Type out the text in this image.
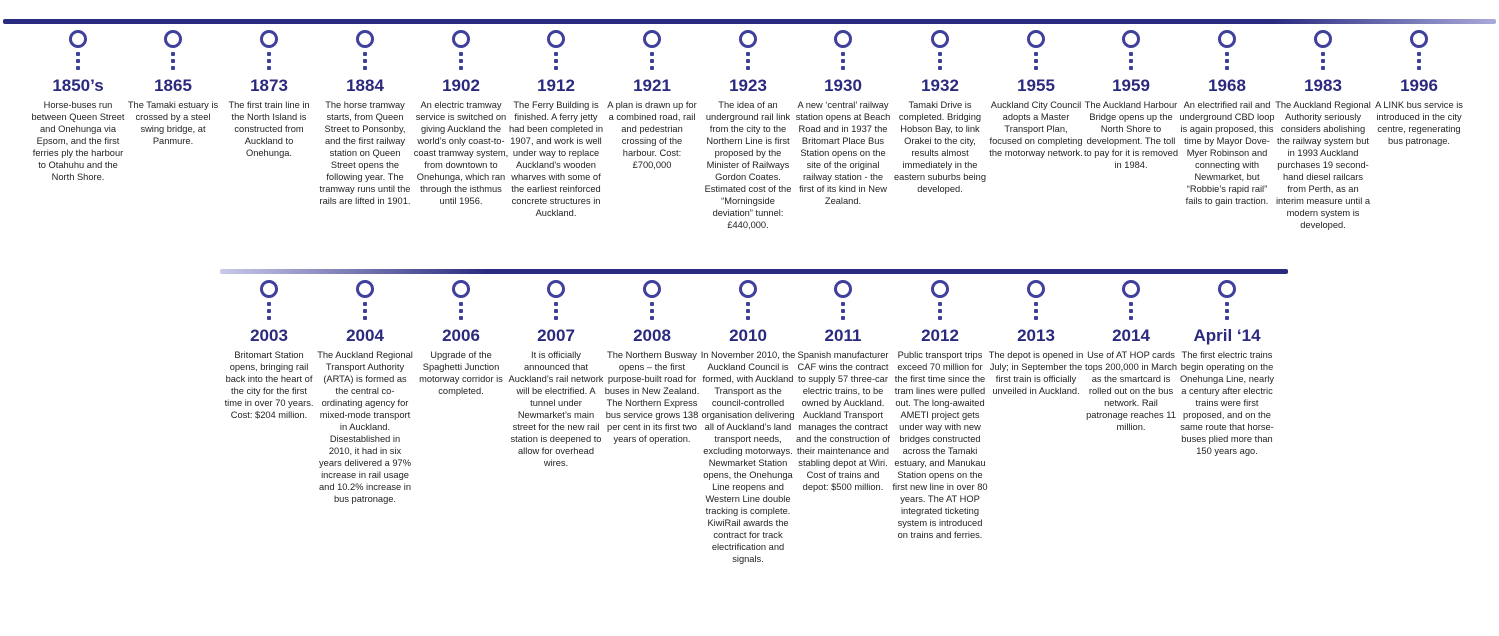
1850’s
Horse-buses run between Queen Street and Onehunga via Epsom, and the first ferries ply the harbour to Otahuhu and the North Shore.
1865
The Tamaki estuary is crossed by a steel swing bridge, at Panmure.
1873
The first train line in the North Island is constructed from Auckland to Onehunga.
1884
The horse tramway starts, from Queen Street to Ponsonby, and the first railway station on Queen Street opens the following year. The tramway runs until the rails are lifted in 1901.
1902
An electric tramway service is switched on giving Auckland the world’s only coast-to-coast tramway system, from downtown to Onehunga, which ran through the isthmus until 1956.
1912
The Ferry Building is finished. A ferry jetty had been completed in 1907, and work is well under way to replace Auckland’s wooden wharves with some of the earliest reinforced concrete structures in Auckland.
1921
A plan is drawn up for a combined road, rail and pedestrian crossing of the harbour. Cost: £700,000
1923
The idea of an underground rail link from the city to the Northern Line is first proposed by the Minister of Railways Gordon Coates. Estimated cost of the “Morningside deviation” tunnel: £440,000.
1930
A new ‘central’ railway station opens at Beach Road and in 1937 the Britomart Place Bus Station opens on the site of the original railway station - the first of its kind in New Zealand.
1932
Tamaki Drive is completed. Bridging Hobson Bay, to link Orakei to the city, results almost immediately in the eastern suburbs being developed.
1955
Auckland City Council adopts a Master Transport Plan, focused on completing the motorway network.
1959
The Auckland Harbour Bridge opens up the North Shore to development. The toll to pay for it is removed in 1984.
1968
An electrified rail and underground CBD loop is again proposed, this time by Mayor Dove-Myer Robinson and connecting with Newmarket, but “Robbie’s rapid rail” fails to gain traction.
1983
The Auckland Regional Authority seriously considers abolishing the railway system but in 1993 Auckland purchases 19 second-hand diesel railcars from Perth, as an interim measure until a modern system is developed.
1996
A LINK bus service is introduced in the city centre, regenerating bus patronage.
2003
Britomart Station opens, bringing rail back into the heart of the city for the first time in over 70 years. Cost: $204 million.
2004
The Auckland Regional Transport Authority (ARTA) is formed as the central co-ordinating agency for mixed-mode transport in Auckland. Disestablished in 2010, it had in six years delivered a 97% increase in rail usage and 10.2% increase in bus patronage.
2006
Upgrade of the Spaghetti Junction motorway corridor is completed.
2007
It is officially announced that Auckland’s rail network will be electrified. A tunnel under Newmarket’s main street for the new rail station is deepened to allow for overhead wires.
2008
The Northern Busway opens – the first purpose-built road for buses in New Zealand. The Northern Express bus service grows 138 per cent in its first two years of operation.
2010
In November 2010, the Auckland Council is formed, with Auckland Transport as the council-controlled organisation delivering all of Auckland’s land transport needs, excluding motorways. Newmarket Station opens, the Onehunga Line reopens and Western Line double tracking is complete. KiwiRail awards the contract for track electrification and signals.
2011
Spanish manufacturer CAF wins the contract to supply 57 three-car electric trains, to be owned by Auckland. Auckland Transport manages the contract and the construction of their maintenance and stabling depot at Wiri. Cost of trains and depot: $500 million.
2012
Public transport trips exceed 70 million for the first time since the tram lines were pulled out. The long-awaited AMETI project gets under way with new bridges constructed across the Tamaki estuary, and Manukau Station opens on the first new line in over 80 years. The AT HOP integrated ticketing system is introduced on trains and ferries.
2013
The depot is opened in July; in September the first train is officially unveiled in Auckland.
2014
Use of AT HOP cards tops 200,000 in March as the smartcard is rolled out on the bus network. Rail patronage reaches 11 million.
April ‘14
The first electric trains begin operating on the Onehunga Line, nearly a century after electric trains were first proposed, and on the same route that horse-buses plied more than 150 years ago.
